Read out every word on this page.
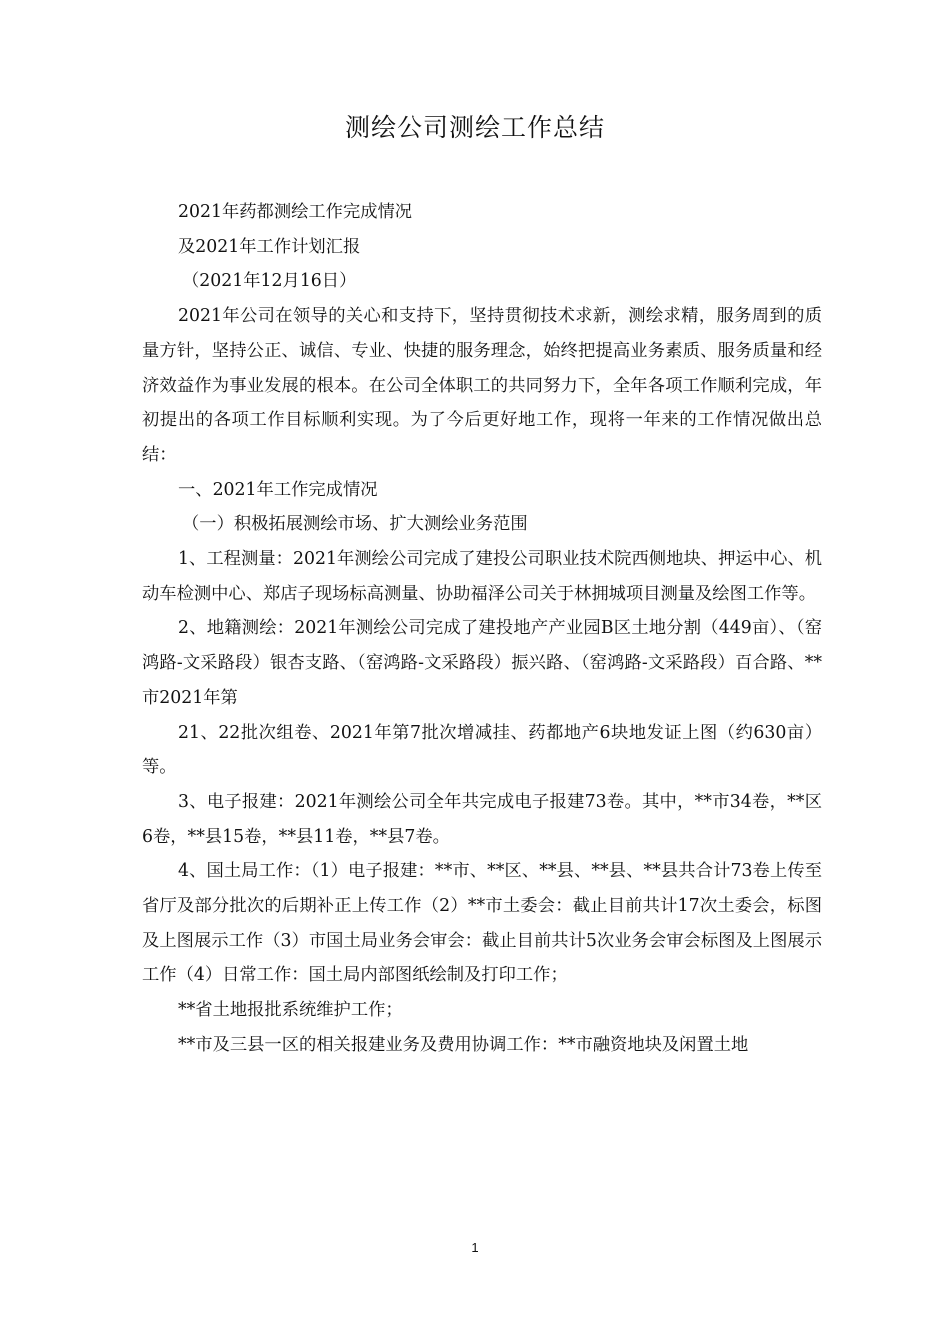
测绘公司测绘工作总结

2021年药都测绘工作完成情况

及2021年工作计划汇报

（2021年12月16日）

2021年公司在领导的关心和支持下，坚持贯彻技术求新，测绘求精，服务周到的质量方针，坚持公正、诚信、专业、快捷的服务理念，始终把提高业务素质、服务质量和经济效益作为事业发展的根本。在公司全体职工的共同努力下，全年各项工作顺利完成，年初提出的各项工作目标顺利实现。为了今后更好地工作，现将一年来的工作情况做出总结：

一、2021年工作完成情况

（一）积极拓展测绘市场、扩大测绘业务范围

1、工程测量：2021年测绘公司完成了建投公司职业技术院西侧地块、押运中心、机动车检测中心、郑店子现场标高测量、协助福泽公司关于林拥城项目测量及绘图工作等。

2、地籍测绘：2021年测绘公司完成了建投地产产业园B区土地分割（449亩）、（窑鸿路-文采路段）银杏支路、（窑鸿路-文采路段）振兴路、（窑鸿路-文采路段）百合路、**市2021年第

21、22批次组卷、2021年第7批次增减挂、药都地产6块地发证上图（约630亩）等。

3、电子报建：2021年测绘公司全年共完成电子报建73卷。其中，**市34卷，**区6卷，**县15卷，**县11卷，**县7卷。

4、国土局工作：（1）电子报建：**市、**区、**县、**县、**县共合计73卷上传至省厅及部分批次的后期补正上传工作（2）**市土委会：截止目前共计17次土委会，标图及上图展示工作（3）市国土局业务会审会：截止目前共计5次业务会审会标图及上图展示工作（4）日常工作：国土局内部图纸绘制及打印工作；

**省土地报批系统维护工作；

**市及三县一区的相关报建业务及费用协调工作：**市融资地块及闲置土地

1
